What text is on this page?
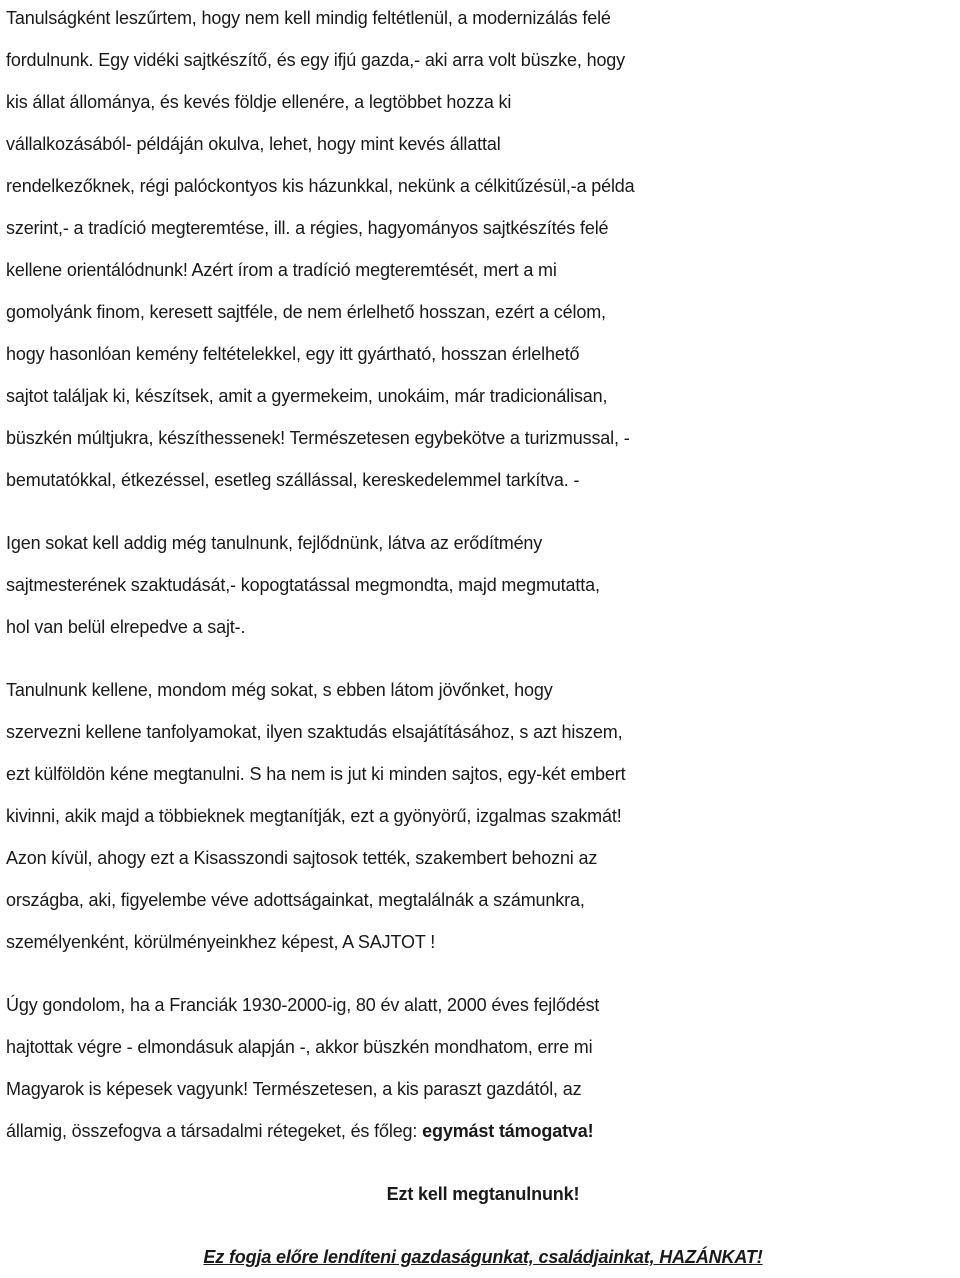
Tanulságként leszűrtem, hogy nem kell mindig feltétlenül, a modernizálás felé
fordulnunk. Egy vidéki sajtkészítő, és egy ifjú gazda,- aki arra volt büszke, hogy
kis állat állománya, és kevés földje ellenére, a legtöbbet hozza ki
vállalkozásából- példáján okulva, lehet, hogy mint kevés állattal
rendelkezőknek, régi palóckontyos kis házunkkal, nekünk a célkitűzésül,-a példa
szerint,- a tradíció megteremtése, ill. a régies, hagyományos sajtkészítés felé
kellene orientálódnunk! Azért írom a tradíció megteremtését, mert a mi
gomolyánk finom, keresett sajtféle, de nem érlelhető hosszan, ezért a célom,
hogy hasonlóan kemény feltételekkel, egy itt gyártható, hosszan érlelhető
sajtot találjak ki, készítsek, amit a gyermekeim, unokáim, már tradicionálisan,
büszkén múltjukra, készíthessenek! Természetesen egybekötve a turizmussal, -
bemutatókkal, étkezéssel, esetleg szállással, kereskedelemmel tarkítva. -
Igen sokat kell addig még tanulnunk, fejlődnünk, látva az erődítmény
sajtmesterének szaktudását,- kopogtatással megmondta, majd megmutatta,
hol van belül elrepedve a sajt-.
Tanulnunk kellene, mondom még sokat, s ebben látom jövőnket, hogy
szervezni kellene tanfolyamokat, ilyen szaktudás elsajátításához, s azt hiszem,
ezt külföldön kéne megtanulni. S ha nem is jut ki minden sajtos, egy-két embert
kivinni, akik majd a többieknek megtanítják, ezt a gyönyörű, izgalmas szakmát!
Azon kívül, ahogy ezt a Kisasszondi sajtosok tették, szakembert behozni az
országba, aki, figyelembe véve adottságainkat, megtalálnák a számunkra,
személyenként, körülményeinkhez képest, A SAJTOT !
Úgy gondolom, ha a Franciák 1930-2000-ig, 80 év alatt, 2000 éves fejlődést
hajtottak végre - elmondásuk alapján -, akkor büszkén mondhatom, erre mi
Magyarok is képesek vagyunk! Természetesen, a kis paraszt gazdától, az
államig, összefogva a társadalmi rétegeket, és főleg: egymást támogatva!
Ezt kell megtanulnunk!
Ez fogja előre lendíteni gazdaságunkat, családjainkat, HAZÁNKAT!
